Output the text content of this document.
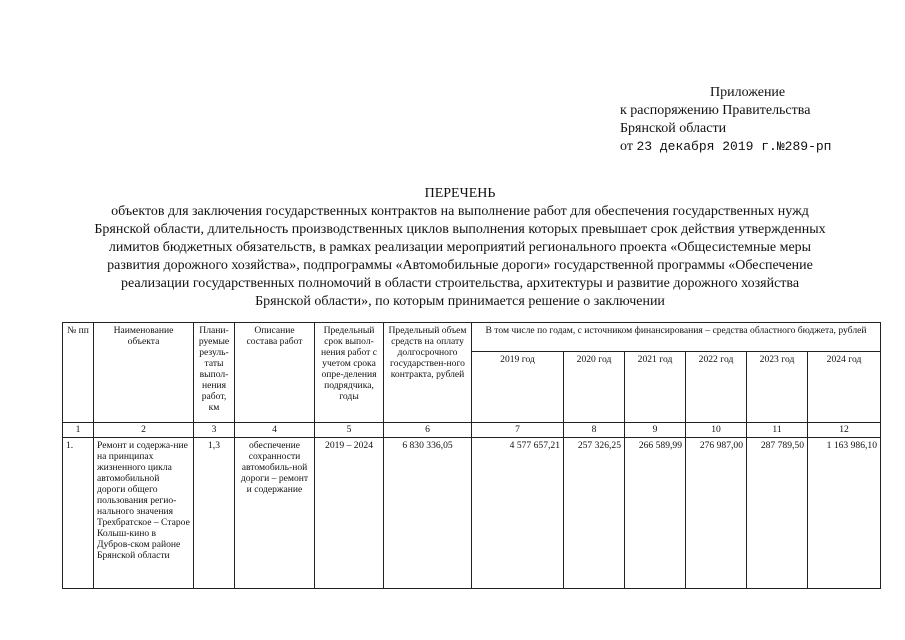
Приложение
к распоряжению Правительства
Брянской области
от 23 декабря 2019 г.№289-рп
ПЕРЕЧЕНЬ
объектов для заключения государственных контрактов на выполнение работ для обеспечения государственных нужд
Брянской области, длительность производственных циклов выполнения которых превышает срок действия утвержденных
лимитов бюджетных обязательств, в рамках реализации мероприятий регионального проекта «Общесистемные меры
развития дорожного хозяйства», подпрограммы «Автомобильные дороги» государственной программы «Обеспечение
реализации государственных полномочий в области строительства, архитектуры и развитие дорожного хозяйства
Брянской области», по которым принимается решение о заключении
№ пп	Наименование объекта	Плани-руемые резуль-таты выпол-нения работ, км	Описание состава работ	Предельный срок выпол-нения работ с учетом срока опре-деления подрядчика, годы	Предельный объем средств на оплату долгосрочного государствен-ного контракта, рублей	В том числе по годам, с источником финансирования – средства областного бюджета, рублей					
						2019 год	2020 год	2021 год	2022 год	2023 год	2024 год
1	2	3	4	5	6	7	8	9	10	11	12
1.	Ремонт и содержа-ние на принципах жизненного цикла автомобильной дороги общего пользования регио-нального значения Трехбратское – Старое Колыш-кино в Дубров-ском районе Брянской области	1,3	обеспечение сохранности автомобиль-ной дороги – ремонт и содержание	2019 – 2024	6 830 336,05	4 577 657,21	257 326,25	266 589,99	276 987,00	287 789,50	1 163 986,10
